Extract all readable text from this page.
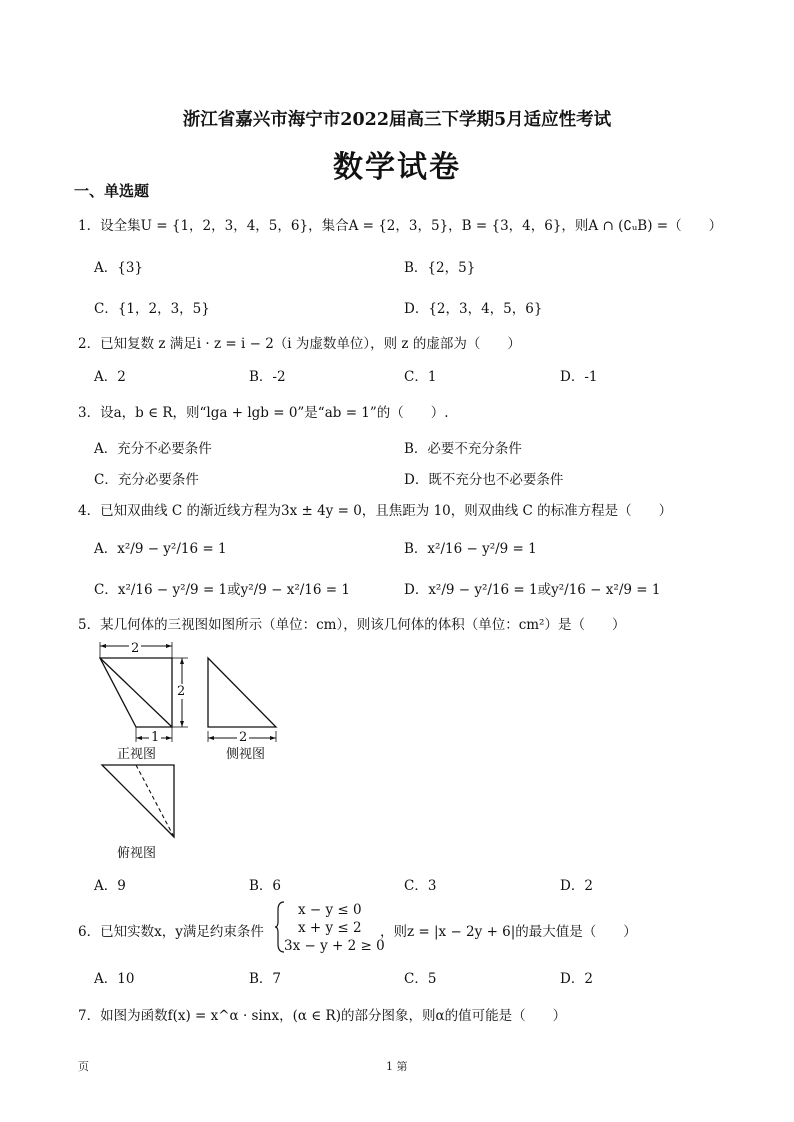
浙江省嘉兴市海宁市2022届高三下学期5月适应性考试
数学试卷
一、单选题
1．设全集U = {1，2，3，4，5，6}，集合A = {2，3，5}，B = {3，4，6}，则A ∩ (∁ᵤB) =（　　）
A．{3}	B．{2，5}
C．{1，2，3，5}	D．{2，3，4，5，6}
2．已知复数 z 满足i · z = i − 2（i 为虚数单位），则 z 的虚部为（　　）
A．2	B．-2	C．1	D．-1
3．设a，b ∈ R，则“lga + lgb = 0”是“ab = 1”的（　　）.
A．充分不必要条件	B．必要不充分条件
C．充分必要条件	D．既不充分也不必要条件
4．已知双曲线 C 的渐近线方程为3x ± 4y = 0，且焦距为 10，则双曲线 C 的标准方程是（　　）
A．x²/9 − y²/16 = 1	B．x²/16 − y²/9 = 1
C．x²/16 − y²/9 = 1或y²/9 − x²/16 = 1	D．x²/9 − y²/16 = 1或y²/16 − x²/9 = 1
5．某几何体的三视图如图所示（单位：cm），则该几何体的体积（单位：cm²）是（　　）
2
2
1	2
正视图	侧视图
俯视图
A．9	B．6	C．3	D．2
6．已知实数x，y满足约束条件
x − y ≤ 0
x + y ≤ 2
3x − y + 2 ≥ 0
，则z = |x − 2y + 6|的最大值是（　　）
A．10	B．7	C．5	D．2
7．如图为函数f(x) = x^α · sinx，(α ∈ R)的部分图象，则α的值可能是（　　）
页	1 第
